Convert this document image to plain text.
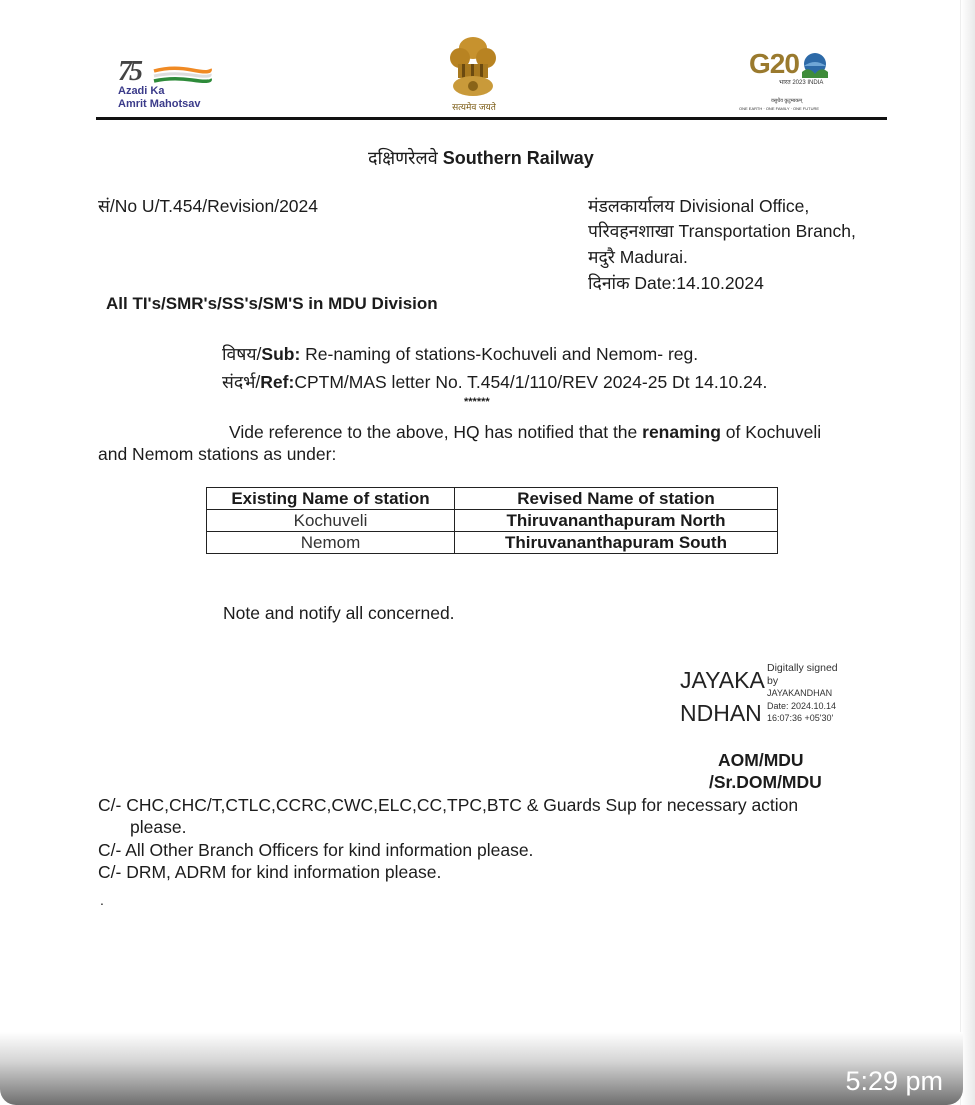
75
Azadi Ka
Amrit Mahotsav	सत्यमेव जयते
G20
भारत 2023 INDIA
वसुधैव कुटुम्बकम्
ONE EARTH · ONE FAMILY · ONE FUTURE
दक्षिणरेलवे Southern Railway
सं/No U/T.454/Revision/2024	मंडलकार्यालय Divisional Office,
परिवहनशाखा Transportation Branch,
मदुरै Madurai.
दिनांक Date:14.10.2024
All TI's/SMR's/SS's/SM'S in MDU Division
विषय/Sub: Re-naming of stations-Kochuveli and Nemom- reg.
संदर्भ/Ref:CPTM/MAS letter No. T.454/1/110/REV 2024-25 Dt 14.10.24.
******
Vide reference to the above, HQ has notified that the renaming of Kochuveli
and Nemom stations as under:
Existing Name of station	Revised Name of station
Kochuveli	Thiruvananthapuram North
Nemom	Thiruvananthapuram South
Note and notify all concerned.
JAYAKA
NDHAN
Digitally signed
by
JAYAKANDHAN
Date: 2024.10.14
16:07:36 +05'30'
AOM/MDU
/Sr.DOM/MDU
C/- CHC,CHC/T,CTLC,CCRC,CWC,ELC,CC,TPC,BTC & Guards Sup for necessary action
please.
C/- All Other Branch Officers for kind information please.
C/- DRM, ADRM for kind information please.
.
5:29 pm
